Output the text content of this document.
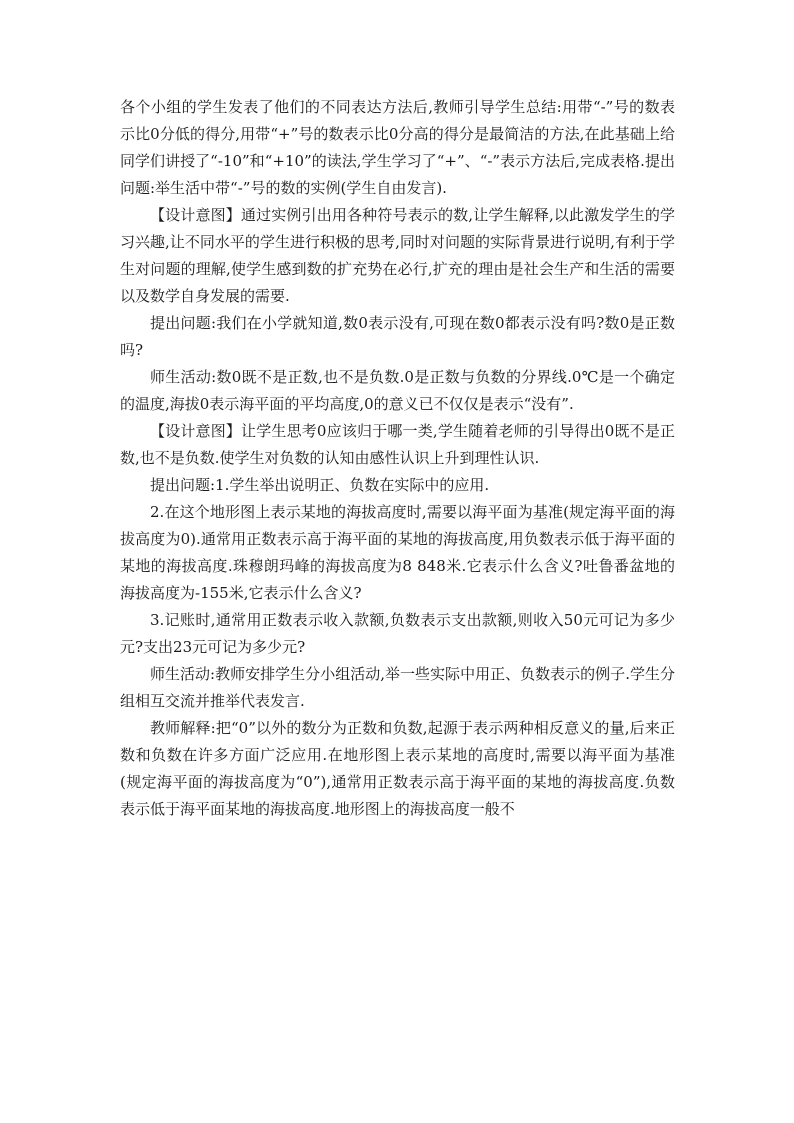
各个小组的学生发表了他们的不同表达方法后,教师引导学生总结:用带“-”号的数表示比0分低的得分,用带“+”号的数表示比0分高的得分是最简洁的方法,在此基础上给同学们讲授了“-10”和“+10”的读法,学生学习了“+”、“-”表示方法后,完成表格.提出问题:举生活中带“-”号的数的实例(学生自由发言).

【设计意图】通过实例引出用各种符号表示的数,让学生解释,以此激发学生的学习兴趣,让不同水平的学生进行积极的思考,同时对问题的实际背景进行说明,有利于学生对问题的理解,使学生感到数的扩充势在必行,扩充的理由是社会生产和生活的需要以及数学自身发展的需要.

提出问题:我们在小学就知道,数0表示没有,可现在数0都表示没有吗?数0是正数吗?

师生活动:数0既不是正数,也不是负数.0是正数与负数的分界线.0℃是一个确定的温度,海拔0表示海平面的平均高度,0的意义已不仅仅是表示“没有”.

【设计意图】让学生思考0应该归于哪一类,学生随着老师的引导得出0既不是正数,也不是负数.使学生对负数的认知由感性认识上升到理性认识.

提出问题:1.学生举出说明正、负数在实际中的应用.

2.在这个地形图上表示某地的海拔高度时,需要以海平面为基准(规定海平面的海拔高度为0).通常用正数表示高于海平面的某地的海拔高度,用负数表示低于海平面的某地的海拔高度.珠穆朗玛峰的海拔高度为8 848米.它表示什么含义?吐鲁番盆地的海拔高度为-155米,它表示什么含义?

3.记账时,通常用正数表示收入款额,负数表示支出款额,则收入50元可记为多少元?支出23元可记为多少元?

师生活动:教师安排学生分小组活动,举一些实际中用正、负数表示的例子.学生分组相互交流并推举代表发言.

教师解释:把“0”以外的数分为正数和负数,起源于表示两种相反意义的量,后来正数和负数在许多方面广泛应用.在地形图上表示某地的高度时,需要以海平面为基准(规定海平面的海拔高度为“0”),通常用正数表示高于海平面的某地的海拔高度.负数表示低于海平面某地的海拔高度.地形图上的海拔高度一般不
